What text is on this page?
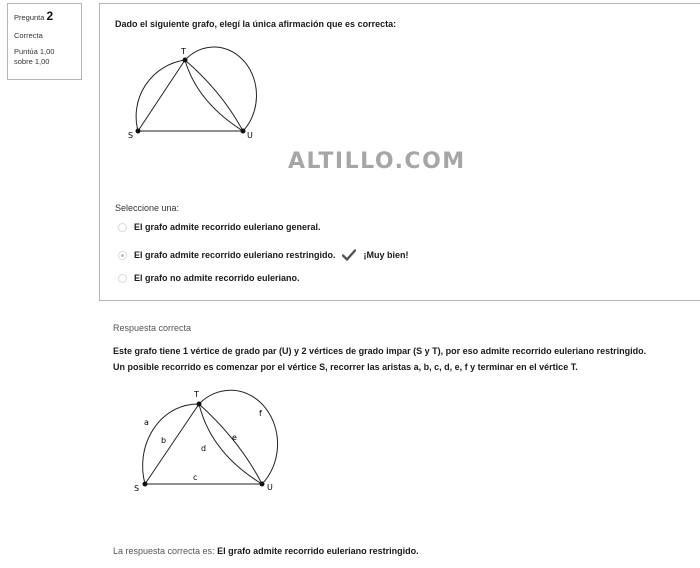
Pregunta 2
Correcta
Puntúa 1,00
sobre 1,00
Dado el siguiente grafo, elegí la única afirmación que es correcta:
T
S	U
ALTILLO.COM
Seleccione una:
El grafo admite recorrido euleriano general.
El grafo admite recorrido euleriano restringido.	¡Muy bien!
El grafo no admite recorrido euleriano.
Respuesta correcta
Este grafo tiene 1 vértice de grado par (U) y 2 vértices de grado impar (S y T), por eso admite recorrido euleriano restringido.
Un posible recorrido es comenzar por el vértice S, recorrer las aristas a, b, c, d, e, f y terminar en el vértice T.
T
S	U
a
b
c
d
e
f
La respuesta correcta es: El grafo admite recorrido euleriano restringido.
